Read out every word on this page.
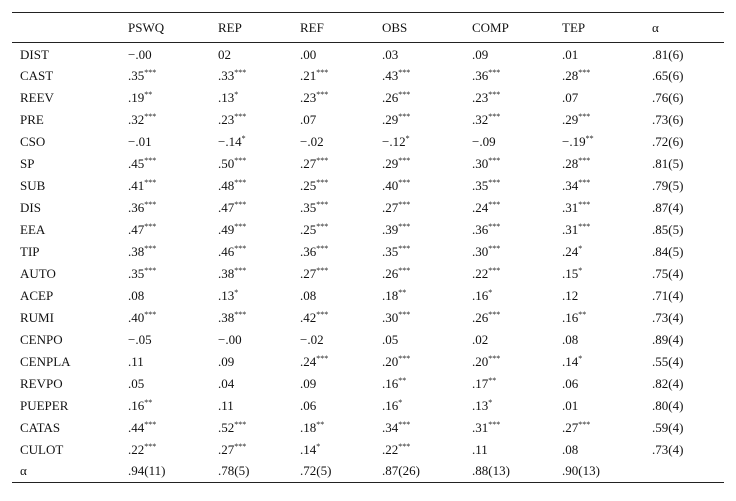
	PSWQ	REP	REF	OBS	COMP	TEP	α
DIST	−.00	02	.00	.03	.09	.01	.81(6)
CAST	.35***	.33***	.21***	.43***	.36***	.28***	.65(6)
REEV	.19**	.13*	.23***	.26***	.23***	.07	.76(6)
PRE	.32***	.23***	.07	.29***	.32***	.29***	.73(6)
CSO	−.01	−.14*	−.02	−.12*	−.09	−.19**	.72(6)
SP	.45***	.50***	.27***	.29***	.30***	.28***	.81(5)
SUB	.41***	.48***	.25***	.40***	.35***	.34***	.79(5)
DIS	.36***	.47***	.35***	.27***	.24***	.31***	.87(4)
EEA	.47***	.49***	.25***	.39***	.36***	.31***	.85(5)
TIP	.38***	.46***	.36***	.35***	.30***	.24*	.84(5)
AUTO	.35***	.38***	.27***	.26***	.22***	.15*	.75(4)
ACEP	.08	.13*	.08	.18**	.16*	.12	.71(4)
RUMI	.40***	.38***	.42***	.30***	.26***	.16**	.73(4)
CENPO	−.05	−.00	−.02	.05	.02	.08	.89(4)
CENPLA	.11	.09	.24***	.20***	.20***	.14*	.55(4)
REVPO	.05	.04	.09	.16**	.17**	.06	.82(4)
PUEPER	.16**	.11	.06	.16*	.13*	.01	.80(4)
CATAS	.44***	.52***	.18**	.34***	.31***	.27***	.59(4)
CULOT	.22***	.27***	.14*	.22***	.11	.08	.73(4)
α	.94(11)	.78(5)	.72(5)	.87(26)	.88(13)	.90(13)	
